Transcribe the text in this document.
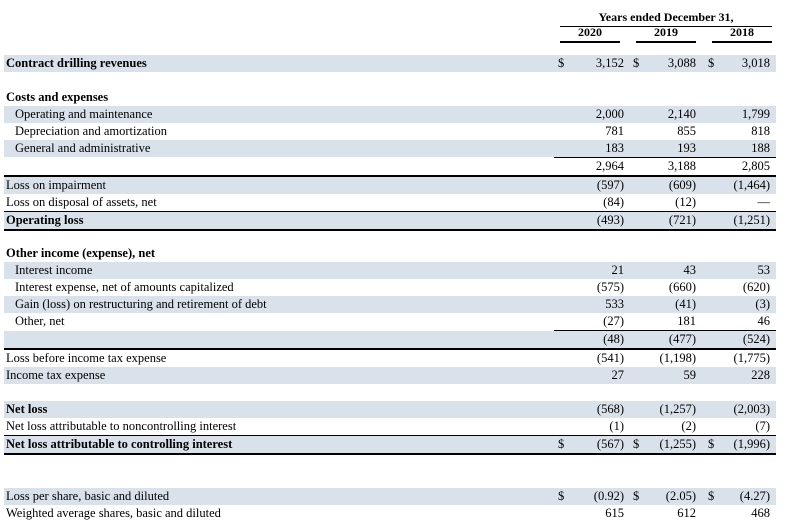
Years ended December 31,
2020	2019	2018
Contract drilling revenues	$	3,152 $	3,088 $	3,018
Costs and expenses
Operating and maintenance	2,000	2,140	1,799
Depreciation and amortization	781	855	818
General and administrative	183	193	188
2,964	3,188	2,805
Loss on impairment	(597)	(609)	(1,464)
Loss on disposal of assets, net	(84)	(12)	—
Operating loss	(493)	(721)	(1,251)
Other income (expense), net
Interest income	21	43	53
Interest expense, net of amounts capitalized	(575)	(660)	(620)
Gain (loss) on restructuring and retirement of debt	533	(41)	(3)
Other, net	(27)	181	46
(48)	(477)	(524)
Loss before income tax expense	(541)	(1,198)	(1,775)
Income tax expense	27	59	228
Net loss	(568)	(1,257)	(2,003)
Net loss attributable to noncontrolling interest	(1)	(2)	(7)
Net loss attributable to controlling interest	$	(567) $	(1,255) $	(1,996)
Loss per share, basic and diluted	$	(0.92) $	(2.05) $	(4.27)
Weighted average shares, basic and diluted	615	612	468
